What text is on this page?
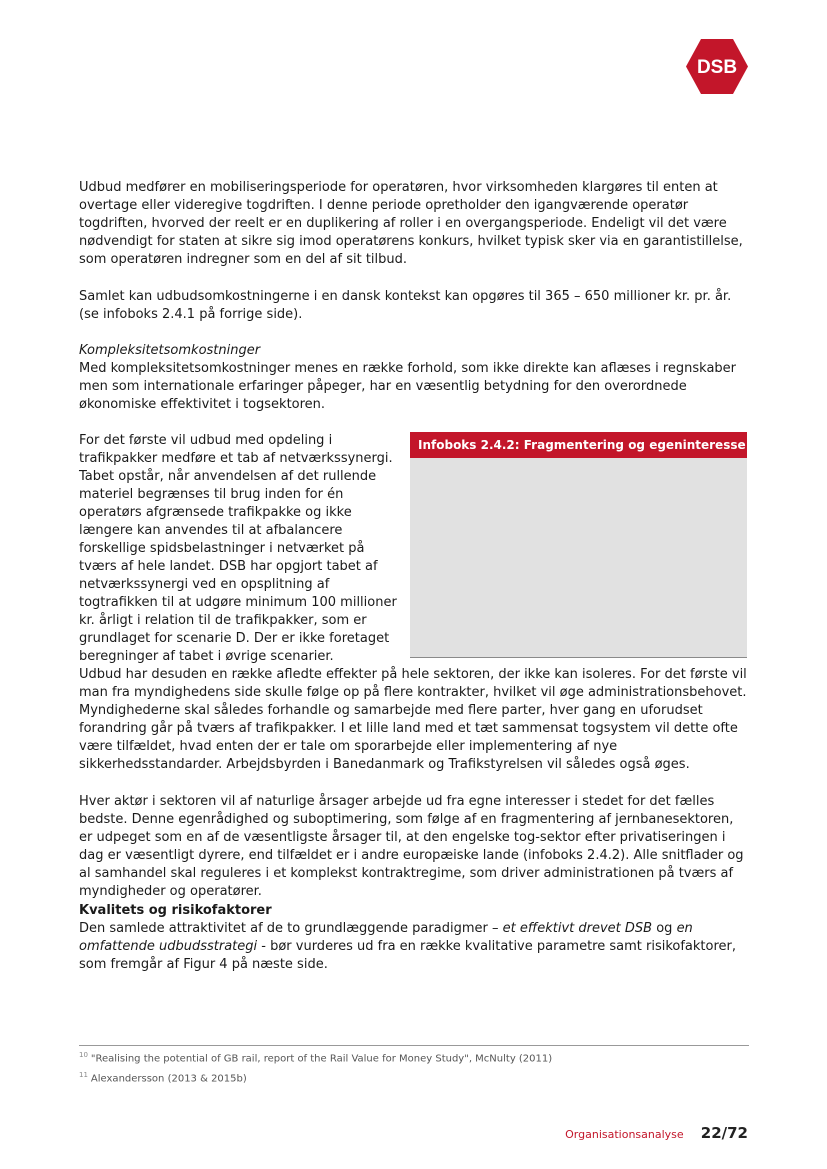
DSB

Udbud medfører en mobiliseringsperiode for operatøren, hvor virksomheden klargøres til enten at overtage eller videregive togdriften. I denne periode opretholder den igangværende operatør togdriften, hvorved der reelt er en duplikering af roller i en overgangsperiode. Endeligt vil det være nødvendigt for staten at sikre sig imod operatørens konkurs, hvilket typisk sker via en garantistillelse, som operatøren indregner som en del af sit tilbud.

Samlet kan udbudsomkostningerne i en dansk kontekst kan opgøres til 365 – 650 millioner kr. pr. år. (se infoboks 2.4.1 på forrige side).

Kompleksitetsomkostninger
Med kompleksitetsomkostninger menes en række forhold, som ikke direkte kan aflæses i regnskaber men som internationale erfaringer påpeger, har en væsentlig betydning for den overordnede økonomiske effektivitet i togsektoren.

For det første vil udbud med opdeling i trafikpakker medføre et tab af netværkssynergi. Tabet opstår, når anvendelsen af det rullende materiel begrænses til brug inden for én operatørs afgrænsede trafikpakke og ikke længere kan anvendes til at afbalancere forskellige spidsbelastninger i netværket på tværs af hele landet. DSB har opgjort tabet af netværkssynergi ved en opsplitning af togtrafikken til at udgøre minimum 100 millioner kr. årligt i relation til de trafikpakker, som er grundlaget for scenarie D. Der er ikke foretaget beregninger af tabet i øvrige scenarier.

Infoboks 2.4.2: Fragmentering og egeninteresse

Udbud har desuden en række afledte effekter på hele sektoren, der ikke kan isoleres. For det første vil man fra myndighedens side skulle følge op på flere kontrakter, hvilket vil øge administrationsbehovet. Myndighederne skal således forhandle og samarbejde med flere parter, hver gang en uforudset forandring går på tværs af trafikpakker. I et lille land med et tæt sammensat togsystem vil dette ofte være tilfældet, hvad enten der er tale om sporarbejde eller implementering af nye sikkerhedsstandarder. Arbejdsbyrden i Banedanmark og Trafikstyrelsen vil således også øges.

Hver aktør i sektoren vil af naturlige årsager arbejde ud fra egne interesser i stedet for det fælles bedste. Denne egenrådighed og suboptimering, som følge af en fragmentering af jernbanesektoren, er udpeget som en af de væsentligste årsager til, at den engelske tog-sektor efter privatiseringen i dag er væsentligt dyrere, end tilfældet er i andre europæiske lande (infoboks 2.4.2). Alle snitflader og al samhandel skal reguleres i et komplekst kontraktregime, som driver administrationen på tværs af myndigheder og operatører.

Kvalitets og risikofaktorer
Den samlede attraktivitet af de to grundlæggende paradigmer – et effektivt drevet DSB og en omfattende udbudsstrategi - bør vurderes ud fra en række kvalitative parametre samt risikofaktorer, som fremgår af Figur 4 på næste side.

$^{10}$ "Realising the potential of GB rail, report of the Rail Value for Money Study", McNulty (2011)
$^{11}$ Alexandersson (2013 & 2015b)
Organisationsanalyse 22/72
